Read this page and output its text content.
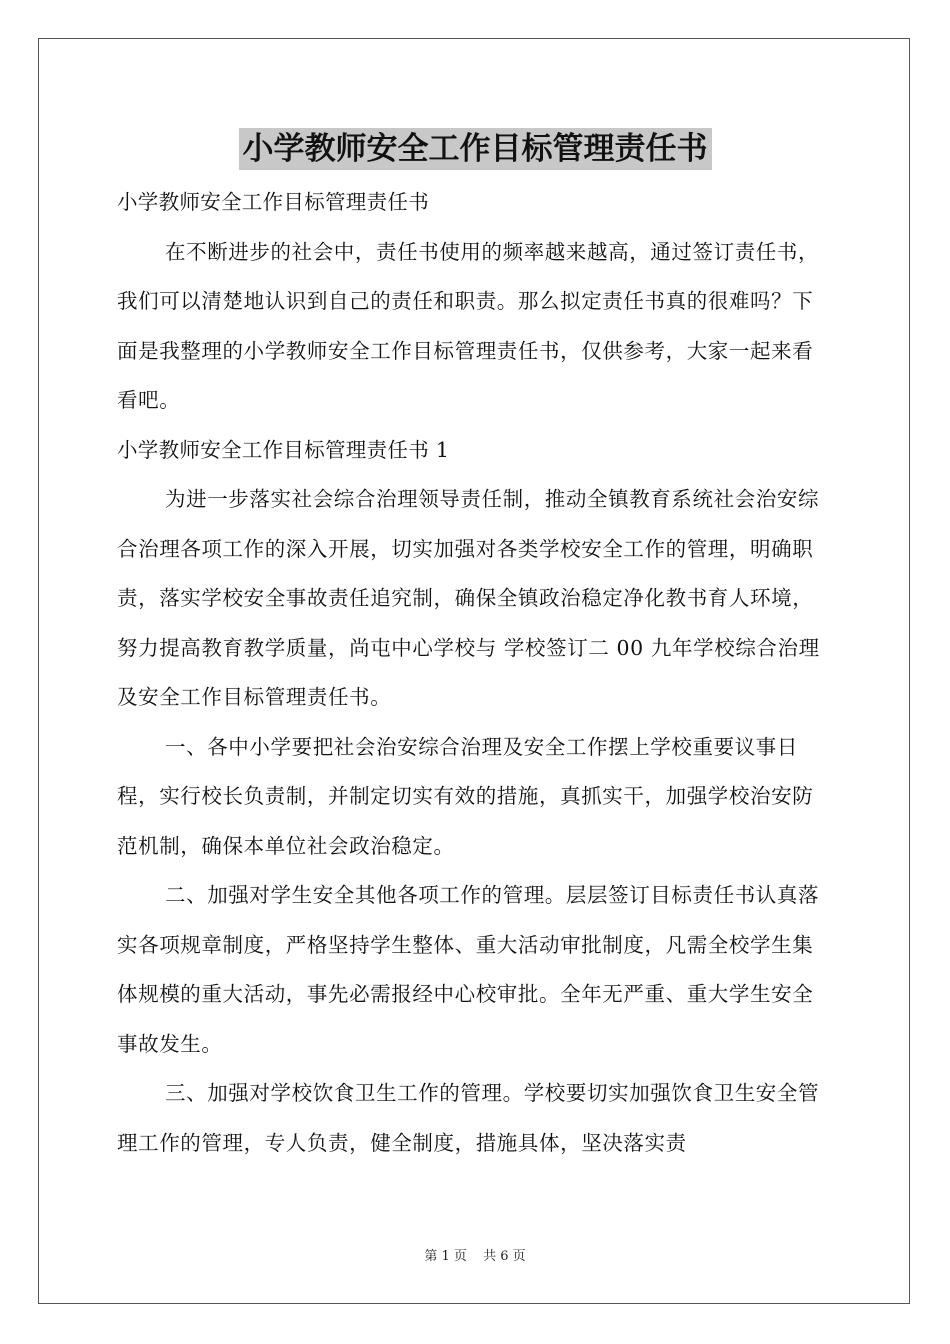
小学教师安全工作目标管理责任书

小学教师安全工作目标管理责任书

在不断进步的社会中，责任书使用的频率越来越高，通过签订责任书，我们可以清楚地认识到自己的责任和职责。那么拟定责任书真的很难吗？下面是我整理的小学教师安全工作目标管理责任书，仅供参考，大家一起来看看吧。

小学教师安全工作目标管理责任书 1

为进一步落实社会综合治理领导责任制，推动全镇教育系统社会治安综合治理各项工作的深入开展，切实加强对各类学校安全工作的管理，明确职责，落实学校安全事故责任追究制，确保全镇政治稳定净化教书育人环境，努力提高教育教学质量，尚屯中心学校与 学校签订二 00 九年学校综合治理及安全工作目标管理责任书。

一、各中小学要把社会治安综合治理及安全工作摆上学校重要议事日程，实行校长负责制，并制定切实有效的措施，真抓实干，加强学校治安防范机制，确保本单位社会政治稳定。

二、加强对学生安全其他各项工作的管理。层层签订目标责任书认真落实各项规章制度，严格坚持学生整体、重大活动审批制度，凡需全校学生集体规模的重大活动，事先必需报经中心校审批。全年无严重、重大学生安全事故发生。

三、加强对学校饮食卫生工作的管理。学校要切实加强饮食卫生安全管理工作的管理，专人负责，健全制度，措施具体，坚决落实责

第 1 页 共 6 页
